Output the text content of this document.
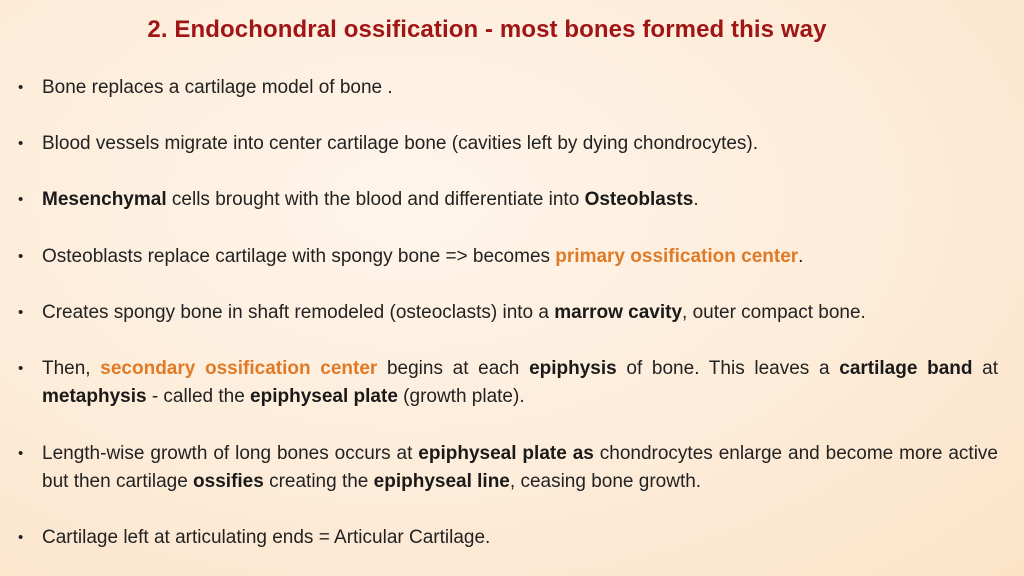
2. Endochondral ossification - most bones formed this way
• Bone replaces a cartilage model of bone .
• Blood vessels migrate into center cartilage bone (cavities left by dying chondrocytes).
• Mesenchymal cells brought with the blood and differentiate into Osteoblasts.
• Osteoblasts replace cartilage with spongy bone => becomes primary ossification center.
• Creates spongy bone in shaft remodeled (osteoclasts) into a marrow cavity, outer compact bone.
• Then, secondary ossification center begins at each epiphysis of bone. This leaves a cartilage band at metaphysis - called the epiphyseal plate (growth plate).
• Length-wise growth of long bones occurs at epiphyseal plate as chondrocytes enlarge and become more active but then cartilage ossifies creating the epiphyseal line, ceasing bone growth.
• Cartilage left at articulating ends = Articular Cartilage.
